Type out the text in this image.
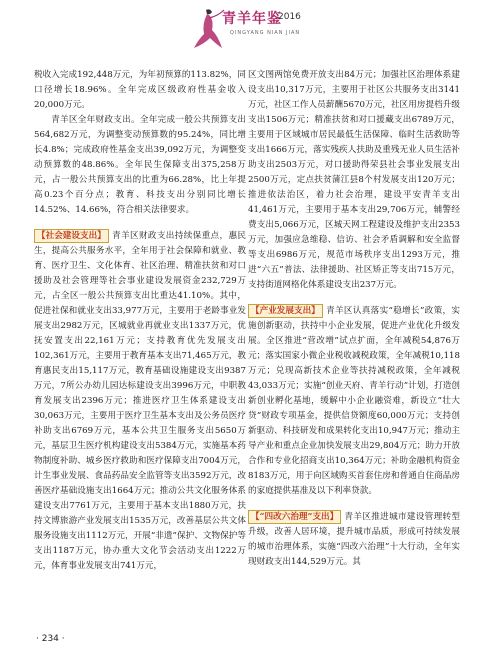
青羊年鉴
2016
QINGYANG NIAN JIAN

税收入完成192,448万元，为年初预算的113.82%，同口径增长18.96%。全年完成区级政府性基金收入20,000万元。

青羊区全年财政支出。全年完成一般公共预算支出564,682万元，为调整变动预算数的95.24%，同比增长4.8%；完成政府性基金支出39,092万元，为调整变动预算数的48.86%。全年民生保障支出375,258万元，占一般公共预算支出的比重为66.28%，比上年提高0.23个百分点；教育、科技支出分别同比增长14.52%、14.66%，符合相关法律要求。

【社会建设支出】 青羊区财政支出持续保重点，惠民生，提高公共服务水平，全年用于社会保障和就业、教育、医疗卫生、文化体育、社区治理、精准扶贫和对口援助及社会管理等社会事业建设发展资金232,729万元，占全区一般公共预算支出比重达41.10%。其中，促进社保和就业支出33,977万元，主要用于老龄事业发展支出2982万元，区城就业再就业支出1337万元，优抚安置支出22,161万元；支持教育优先发展支出102,361万元，主要用于教育基本支出71,465万元，教育惠民支出15,117万元，教育基础设施建设支出9387万元，7所公办幼儿园达标建设支出3996万元，中职教育发展支出2396万元；推进医疗卫生体系建设支出30,063万元，主要用于医疗卫生基本支出及公务员医疗补助支出6769万元，基本公共卫生服务支出5650万元，基层卫生医疗机构建设支出5384万元，实施基本药物制度补助、城乡医疗救助和医疗保障支出7004万元，计生事业发展、食品药品安全监管等支出3592万元，改善医疗基础设施支出1664万元；推动公共文化服务体系建设支出7761万元，主要用于基本支出1880万元，扶持文博旅游产业发展支出1535万元，改善基层公共文体服务设施支出1112万元，开展“非遗”保护、文物保护等支出1187万元，协办重大文化节会活动支出1222万元，体育事业发展支出741万元，

区文图两馆免费开放支出84万元；加强社区治理体系建设支出10,317万元，主要用于社区公共服务支出3141万元，社区工作人员薪酬5670万元，社区用房提档升级支出1506万元；精准扶贫和对口援藏支出6789万元，主要用于区域城市居民最低生活保障、临时生活救助等支出1666万元，落实残疾人扶助及重残无业人员生活补助支出2503万元，对口援助得荣县社会事业发展支出2500万元，定点扶贫蒲江县8个村发展支出120万元；推进依法治区，着力社会治理，建设平安青羊支出41,461万元，主要用于基本支出29,706万元，辅警经费支出5,066万元，区城天网工程建设及维护支出2353万元，加强应急维稳、信访、社会矛盾调解和安全监督等支出6986万元，规范市场秩序支出1293万元，推进“六五”普法、法律援助、社区矫正等支出715万元，支持街道网格化体系建设支出237万元。

【产业发展支出】 青羊区认真落实“稳增长”政策，实施创新驱动，扶持中小企业发展，促进产业优化升级发展。全区推进“营改增”试点扩面，全年减税54,876万元；落实国家小微企业税收减税政策，全年减税10,118万元；兑现高新技术企业等扶持减税政策，全年减税43,033万元；实施“创业天府、青羊行动”计划，打造创新创业孵化基地，缓解中小企业融资难，新设立“壮大贷”财政专项基金，提供信贷额度60,000万元；支持创新驱动、科技研发和成果转化支出10,947万元；推动主导产业和重点企业加快发展支出29,804万元；助力开放合作和专业化招商支出10,364万元；补助金融机构资金8183万元，用于向区域购买首套住房和普通自住商品房的家庭提供基准及以下利率贷款。

【“四改六治理”支出】 青羊区推进城市建设管理转型升级，改善人居环境，提升城市品质，形成可持续发展的城市治理体系，实施“四改六治理”十大行动，全年实现财政支出144,529万元。其

· 234 ·
